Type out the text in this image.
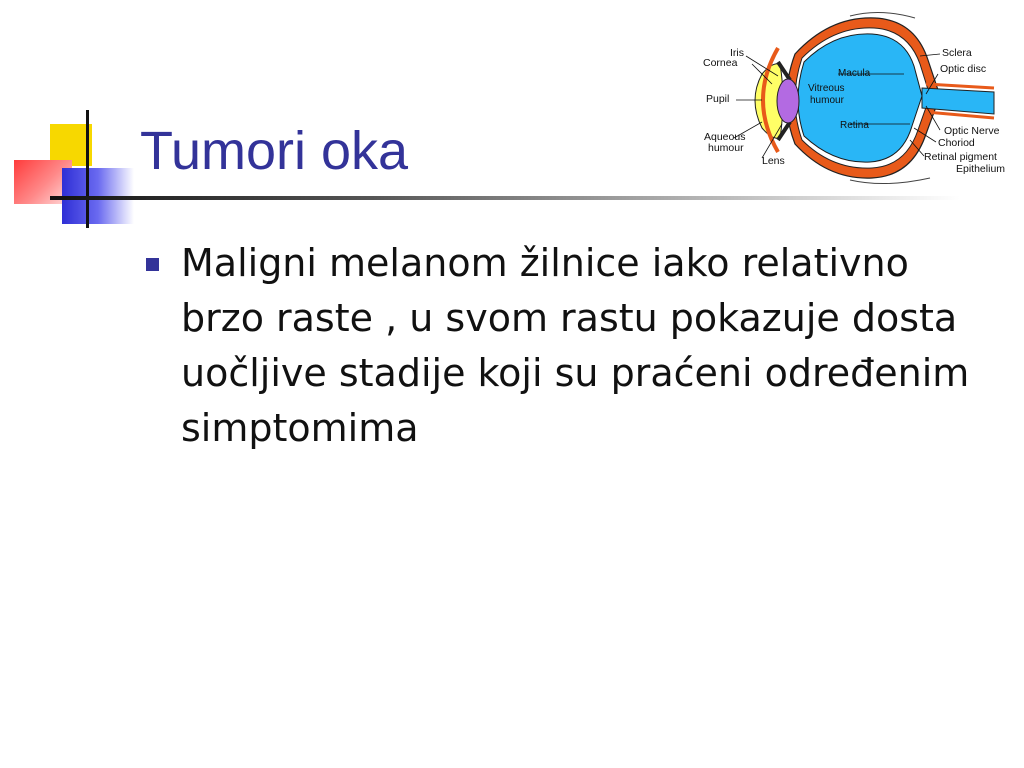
Tumori oka

Maligni melanom žilnice iako relativno brzo raste , u svom rastu pokazuje dosta uočljive stadije koji su praćeni određenim simptomima

Iris
Cornea
Pupil
Aqueous
humour
Lens
Vitreous
humour
Macula
Retina
Sclera
Optic disc
Optic Nerve
Choriod
Retinal pigment
Epithelium
